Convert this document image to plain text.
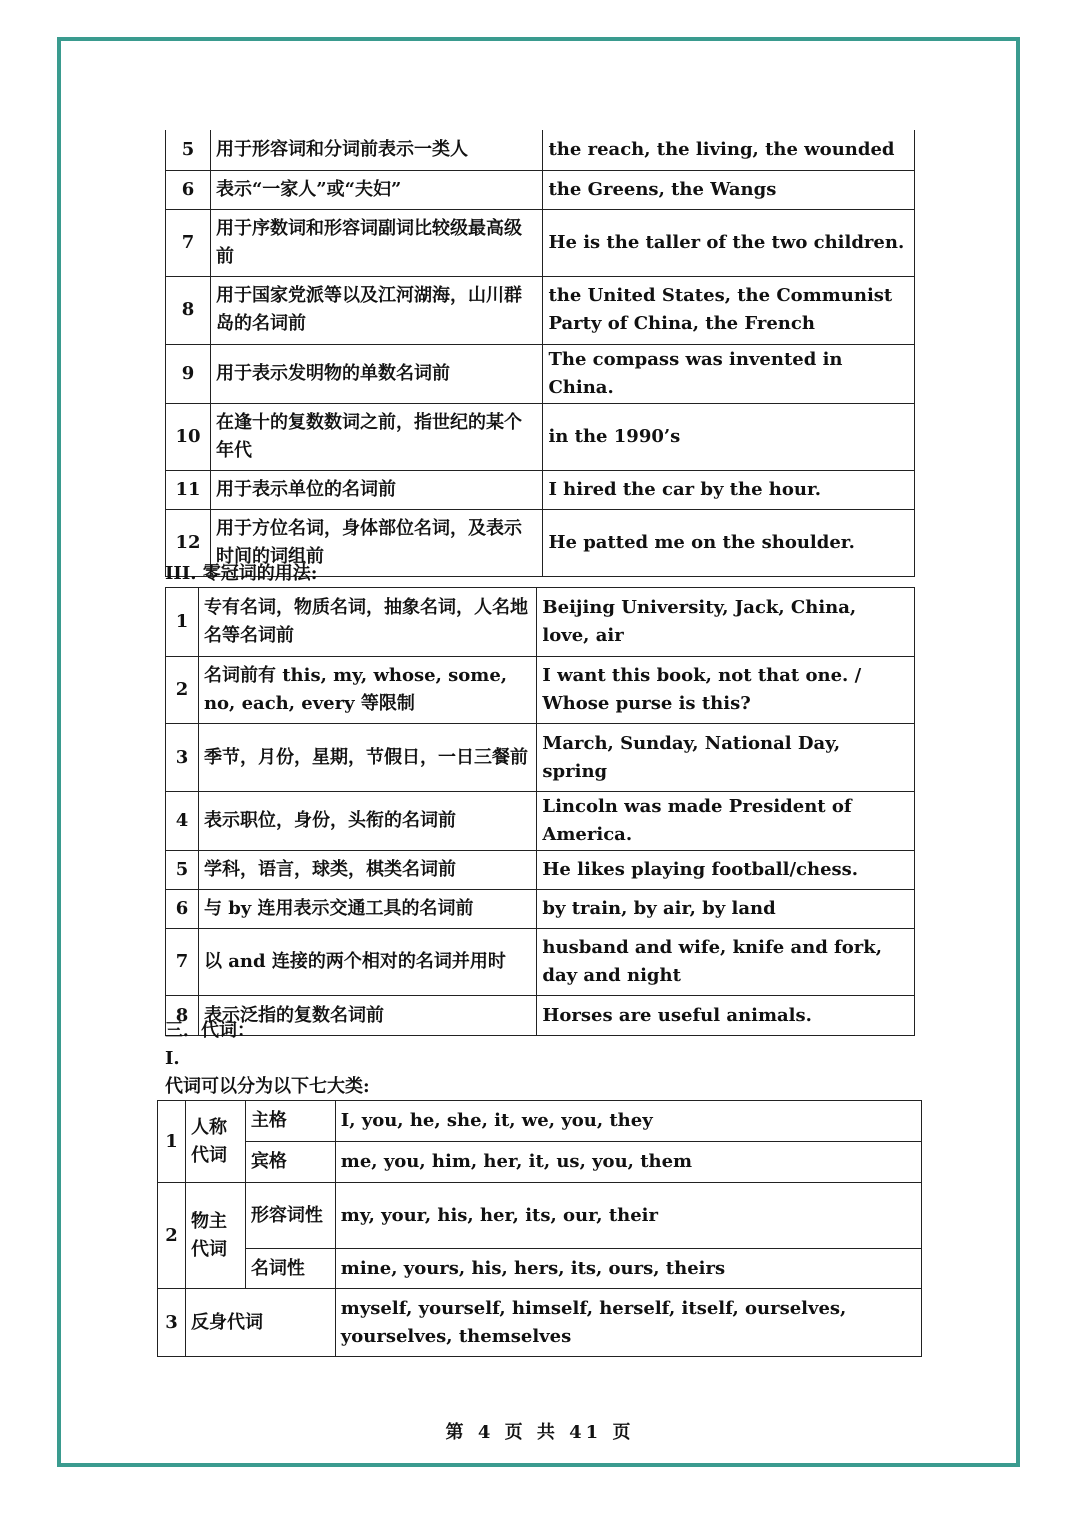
5	用于形容词和分词前表示一类人	the reach, the living, the wounded
6	表示“一家人”或“夫妇”	the Greens, the Wangs
7	用于序数词和形容词副词比较级最高级前	He is the taller of the two children.
8	用于国家党派等以及江河湖海，山川群岛的名词前	the United States, the Communist Party of China, the French
9	用于表示发明物的单数名词前	The compass was invented in China.
10	在逢十的复数数词之前，指世纪的某个年代	in the 1990’s
11	用于表示单位的名词前	I hired the car by the hour.
12	用于方位名词，身体部位名词，及表示时间的词组前	He patted me on the shoulder.
III. 零冠词的用法:
1	专有名词，物质名词，抽象名词，人名地名等名词前	Beijing University, Jack, China, love, air
2	名词前有 this, my, whose, some, no, each, every 等限制	I want this book, not that one. / Whose purse is this?
3	季节，月份，星期，节假日，一日三餐前	March, Sunday, National Day, spring
4	表示职位，身份，头衔的名词前	Lincoln was made President of America.
5	学科，语言，球类，棋类名词前	He likes playing football/chess.
6	与 by 连用表示交通工具的名词前	by train, by air, by land
7	以 and 连接的两个相对的名词并用时	husband and wife, knife and fork, day and night
8	表示泛指的复数名词前	Horses are useful animals.
三．代词：
I.
代词可以分为以下七大类:
1	人称代词	主格	I, you, he, she, it, we, you, they
		宾格	me, you, him, her, it, us, you, them
2	物主代词	形容词性	my, your, his, her, its, our, their
		名词性	mine, yours, his, hers, its, ours, theirs
3	反身代词		myself, yourself, himself, herself, itself, ourselves, yourselves, themselves
第 4 页 共 41 页
